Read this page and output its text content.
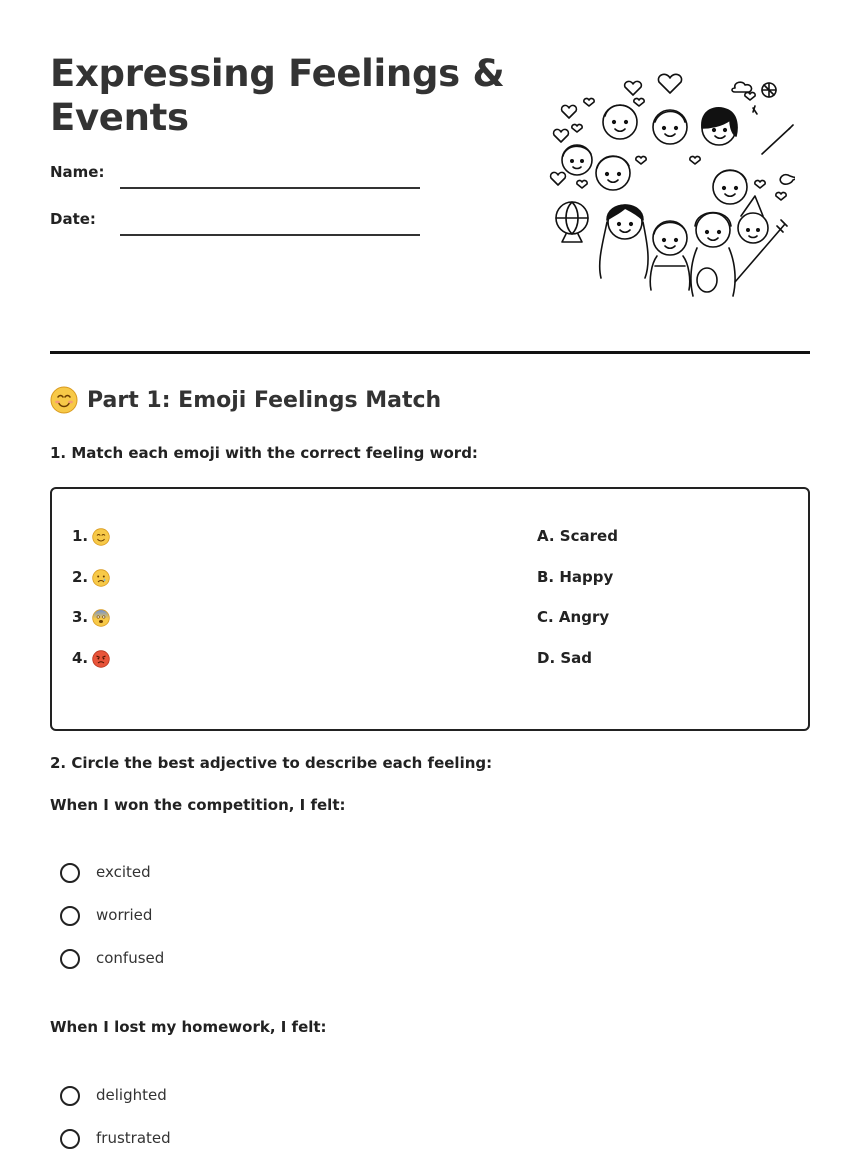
Expressing Feelings & Events
Name:
Date:
Part 1: Emoji Feelings Match
1. Match each emoji with the correct feeling word:
1.
2.
3.
4.
A. Scared
B. Happy
C. Angry
D. Sad
2. Circle the best adjective to describe each feeling:
When I won the competition, I felt:
excited
worried
confused
When I lost my homework, I felt:
delighted
frustrated
